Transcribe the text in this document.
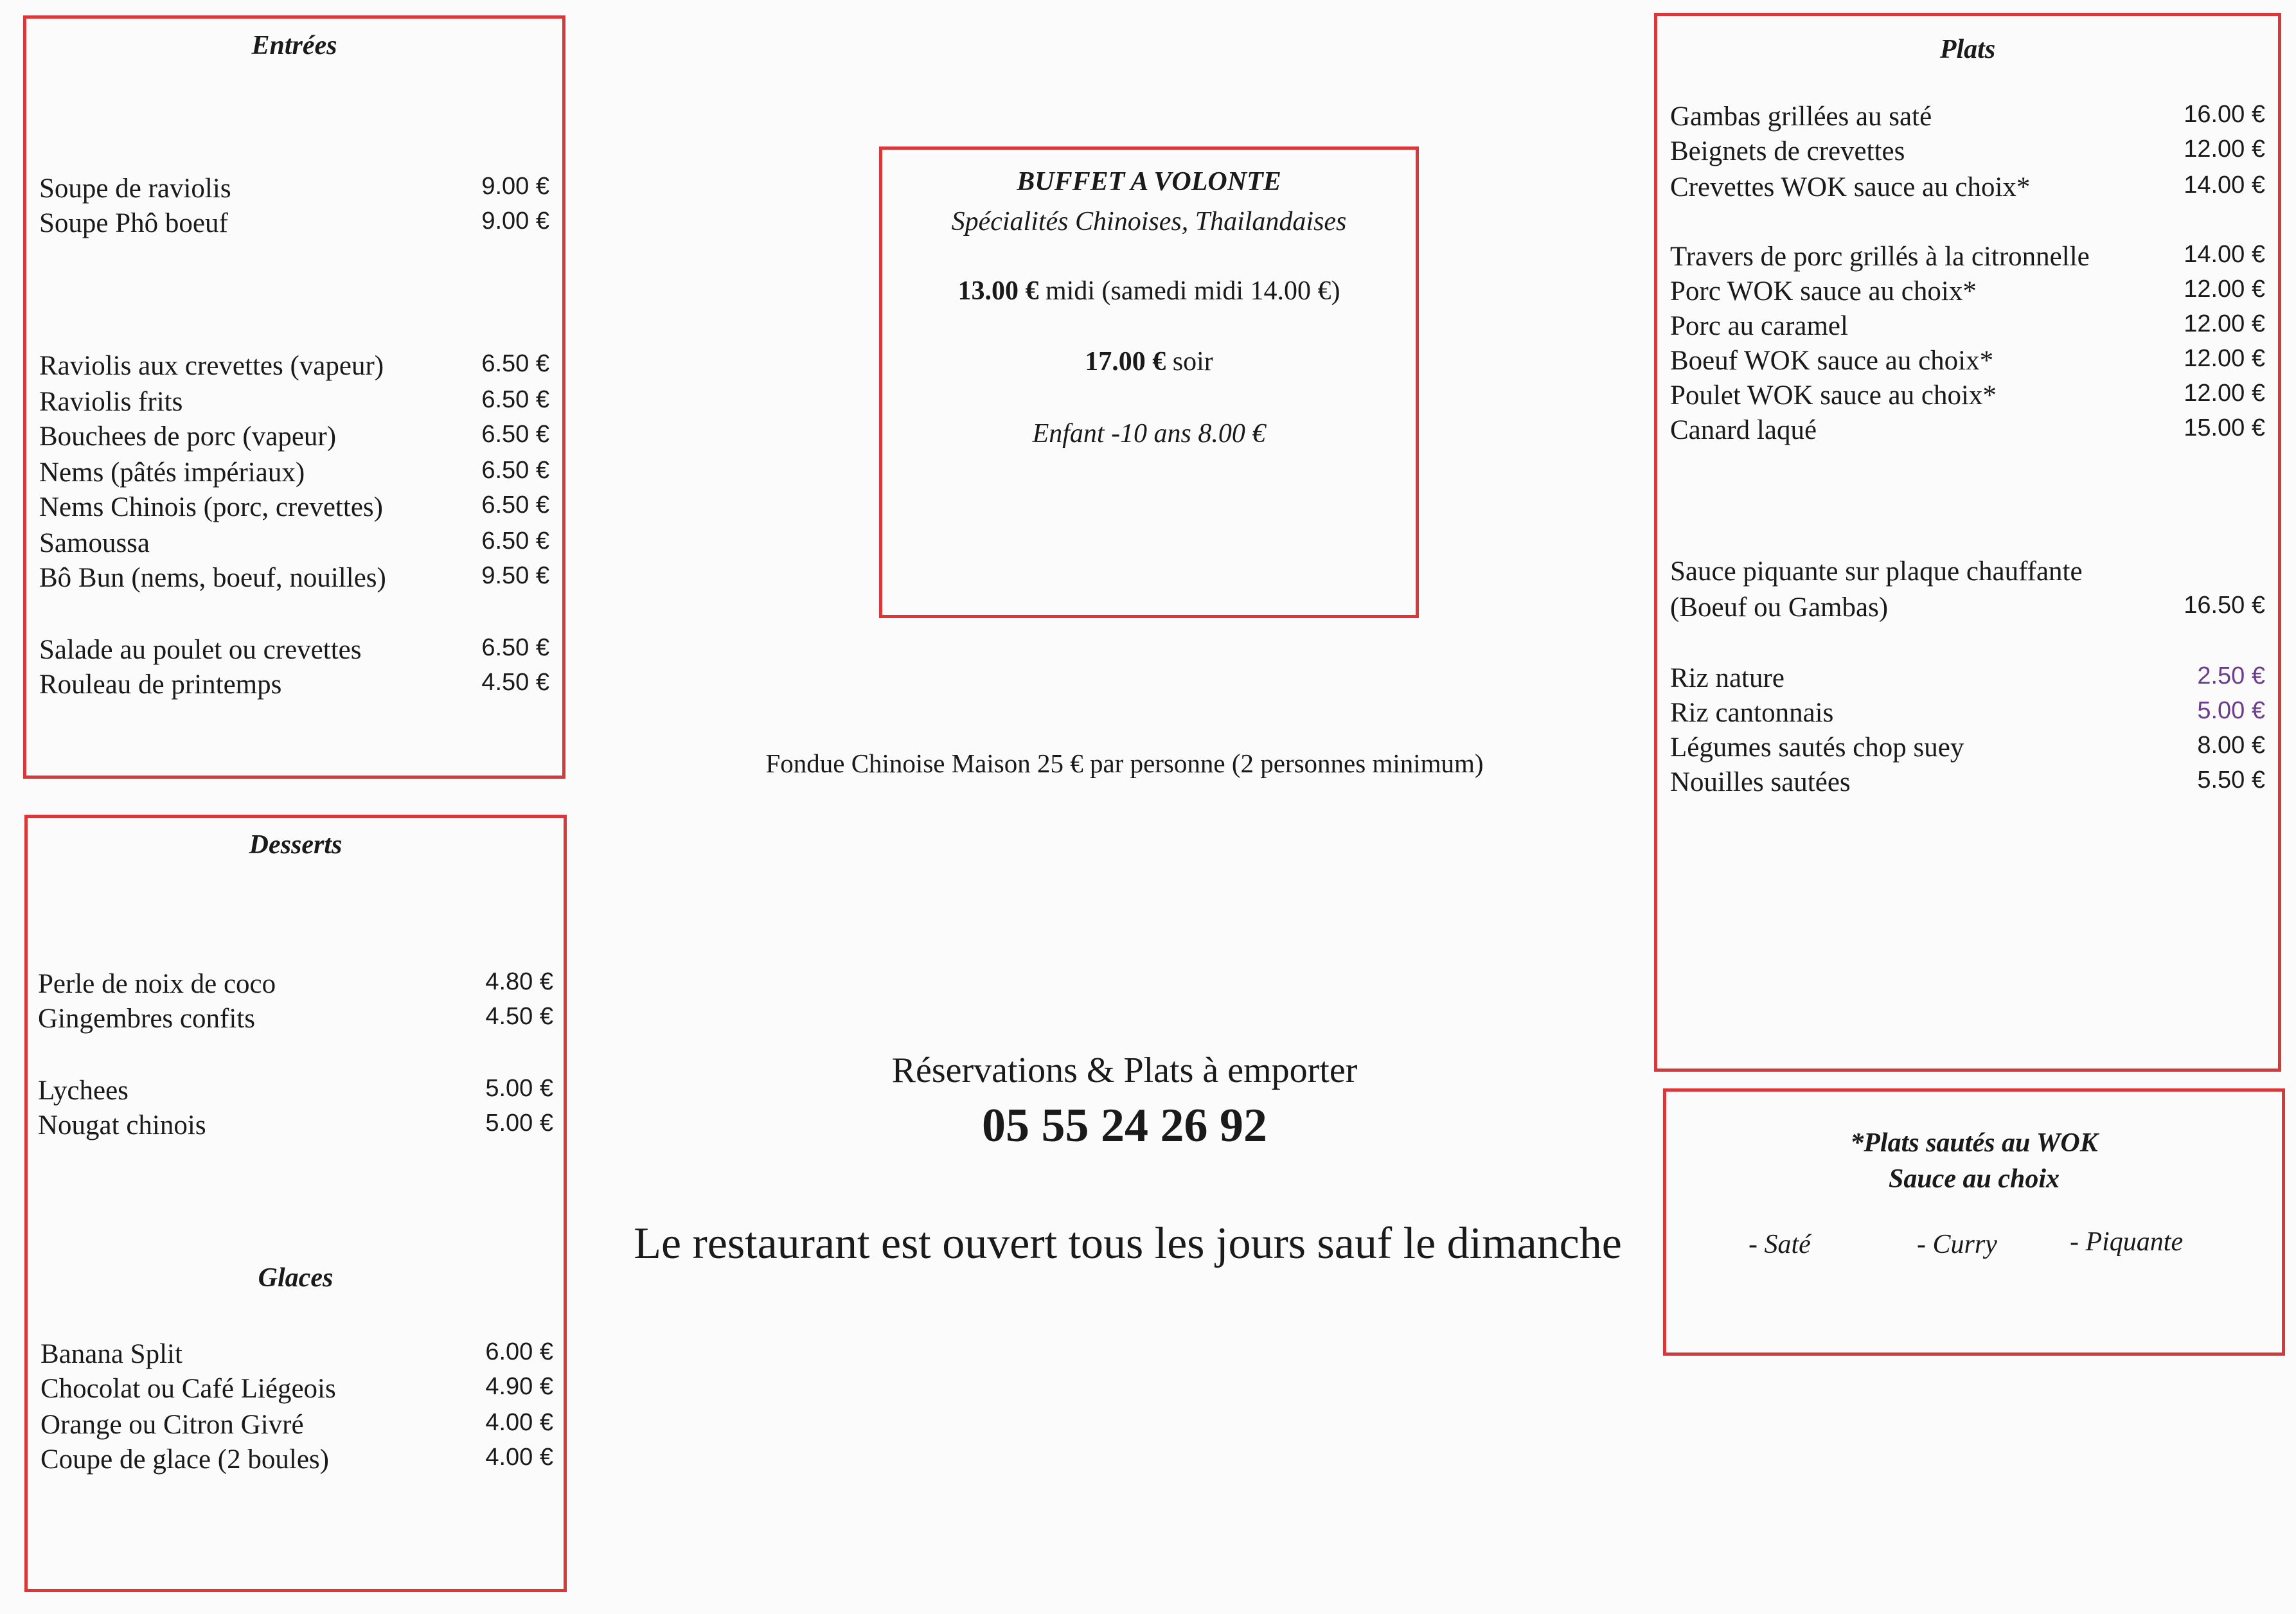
Entrées
Soupe de raviolis	9.00 €
Soupe Phô boeuf	9.00 €
Raviolis aux crevettes (vapeur)	6.50 €
Raviolis frits	6.50 €
Bouchees de porc (vapeur)	6.50 €
Nems (pâtés impériaux)	6.50 €
Nems Chinois (porc, crevettes)	6.50 €
Samoussa	6.50 €
Bô Bun (nems, boeuf, nouilles)	9.50 €
Salade au poulet ou crevettes	6.50 €
Rouleau de printemps	4.50 €
Desserts
Perle de noix de coco	4.80 €
Gingembres confits	4.50 €
Lychees	5.00 €
Nougat chinois	5.00 €
Glaces
Banana Split	6.00 €
Chocolat ou Café Liégeois	4.90 €
Orange ou Citron Givré	4.00 €
Coupe de glace (2 boules)	4.00 €
BUFFET A VOLONTE
Spécialités Chinoises, Thailandaises
13.00 € midi (samedi midi 14.00 €)
17.00 € soir
Enfant -10 ans 8.00 €
Fondue Chinoise Maison 25 € par personne (2 personnes minimum)
Réservations & Plats à emporter
05 55 24 26 92
Le restaurant est ouvert tous les jours sauf le dimanche
Plats
Gambas grillées au saté	16.00 €
Beignets de crevettes	12.00 €
Crevettes WOK sauce au choix*	14.00 €
Travers de porc grillés à la citronnelle	14.00 €
Porc WOK sauce au choix*	12.00 €
Porc au caramel	12.00 €
Boeuf WOK sauce au choix*	12.00 €
Poulet WOK sauce au choix*	12.00 €
Canard laqué	15.00 €
Sauce piquante sur plaque chauffante
(Boeuf ou Gambas)	16.50 €
Riz nature	2.50 €
Riz cantonnais	5.00 €
Légumes sautés chop suey	8.00 €
Nouilles sautées	5.50 €
*Plats sautés au WOK
Sauce au choix
- Saté	- Curry	- Piquante
